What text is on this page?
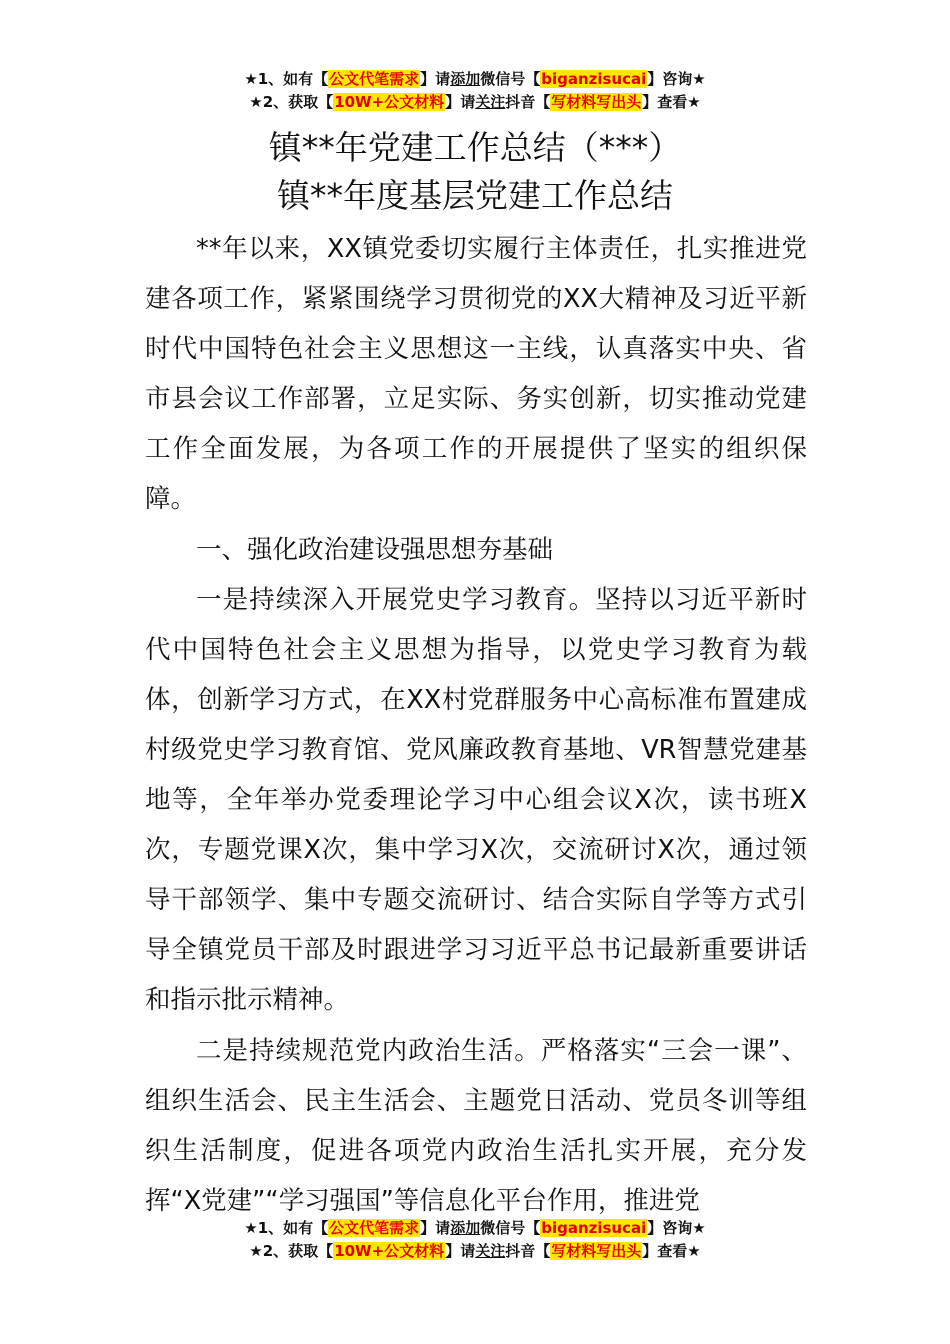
★1、如有【公文代笔需求】请添加微信号【biganzisucai】咨询★
★2、获取【10W+公文材料】请关注抖音【写材料写出头】查看★
镇**年党建工作总结（***）
镇**年度基层党建工作总结

**年以来，XX镇党委切实履行主体责任，扎实推进党建各项工作，紧紧围绕学习贯彻党的XX大精神及习近平新时代中国特色社会主义思想这一主线，认真落实中央、省市县会议工作部署，立足实际、务实创新，切实推动党建工作全面发展，为各项工作的开展提供了坚实的组织保障。

一、强化政治建设强思想夯基础

一是持续深入开展党史学习教育。坚持以习近平新时代中国特色社会主义思想为指导，以党史学习教育为载体，创新学习方式，在XX村党群服务中心高标准布置建成村级党史学习教育馆、党风廉政教育基地、VR智慧党建基地等，全年举办党委理论学习中心组会议X次，读书班X次，专题党课X次，集中学习X次，交流研讨X次，通过领导干部领学、集中专题交流研讨、结合实际自学等方式引导全镇党员干部及时跟进学习习近平总书记最新重要讲话和指示批示精神。

二是持续规范党内政治生活。严格落实“三会一课”、组织生活会、民主生活会、主题党日活动、党员冬训等组织生活制度，促进各项党内政治生活扎实开展，充分发挥“X党建”“学习强国”等信息化平台作用，推进党

★1、如有【公文代笔需求】请添加微信号【biganzisucai】咨询★
★2、获取【10W+公文材料】请关注抖音【写材料写出头】查看★
